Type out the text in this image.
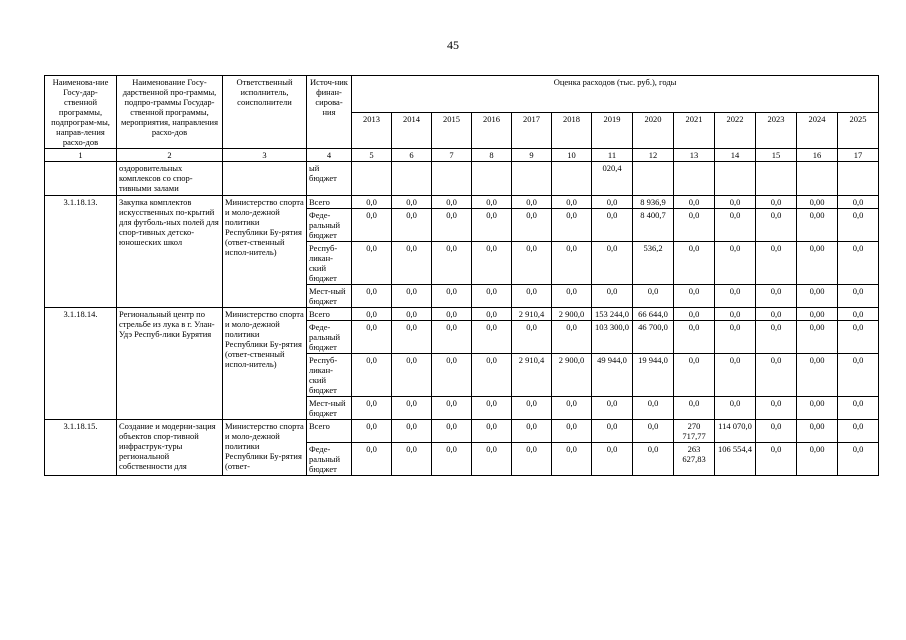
45
Наименова-ние Госу-дар-ственной программы, подпрограм-мы, направ-ления расхо-дов	Наименование Госу-дарственной про-граммы, подпро-граммы Государ-ственной программы, мероприятия, направления расхо-дов	Ответственный исполнитель, соисполнители	Источ-ник финан-сирова-ния	Оценка расходов (тыс. руб.), годы												
				2013	2014	2015	2016	2017	2018	2019	2020	2021	2022	2023	2024	2025
1	2	3	4	5	6	7	8	9	10	11	12	13	14	15	16	17
	оздоровительных комплексов со спор-тивными залами		ый бюджет							020,4						
3.1.18.13.	Закупка комплектов искусственных по-крытий для футболь-ных полей для спор-тивных детско-юношеских школ	Министерство спорта и моло-дежной политики Республики Бу-рятия (ответ-ственный испол-нитель)	Всего	0,0	0,0	0,0	0,0	0,0	0,0	0,0	8 936,9	0,0	0,0	0,0	0,00	0,0
			Феде-ральный бюджет	0,0	0,0	0,0	0,0	0,0	0,0	0,0	8 400,7	0,0	0,0	0,0	0,00	0,0
			Респуб-ликан-ский бюджет	0,0	0,0	0,0	0,0	0,0	0,0	0,0	536,2	0,0	0,0	0,0	0,00	0,0
			Мест-ный бюджет	0,0	0,0	0,0	0,0	0,0	0,0	0,0	0,0	0,0	0,0	0,0	0,00	0,0
3.1.18.14.	Региональный центр по стрельбе из лука в г. Улан-Удэ Респуб-лики Бурятия	Министерство спорта и моло-дежной политики Республики Бу-рятия (ответ-ственный испол-нитель)	Всего	0,0	0,0	0,0	0,0	2 910,4	2 900,0	153 244,0	66 644,0	0,0	0,0	0,0	0,00	0,0
			Феде-ральный бюджет	0,0	0,0	0,0	0,0	0,0	0,0	103 300,0	46 700,0	0,0	0,0	0,0	0,00	0,0
			Респуб-ликан-ский бюджет	0,0	0,0	0,0	0,0	2 910,4	2 900,0	49 944,0	19 944,0	0,0	0,0	0,0	0,00	0,0
			Мест-ный бюджет	0,0	0,0	0,0	0,0	0,0	0,0	0,0	0,0	0,0	0,0	0,0	0,00	0,0
3.1.18.15.	Создание и модерни-зация объектов спор-тивной инфраструк-туры региональной собственности для	Министерство спорта и моло-дежной политики Республики Бу-рятия (ответ-	Всего	0,0	0,0	0,0	0,0	0,0	0,0	0,0	0,0	270 717,77	114 070,0	0,0	0,00	0,0
			Феде-ральный бюджет	0,0	0,0	0,0	0,0	0,0	0,0	0,0	0,0	263 627,83	106 554,4	0,0	0,00	0,0
